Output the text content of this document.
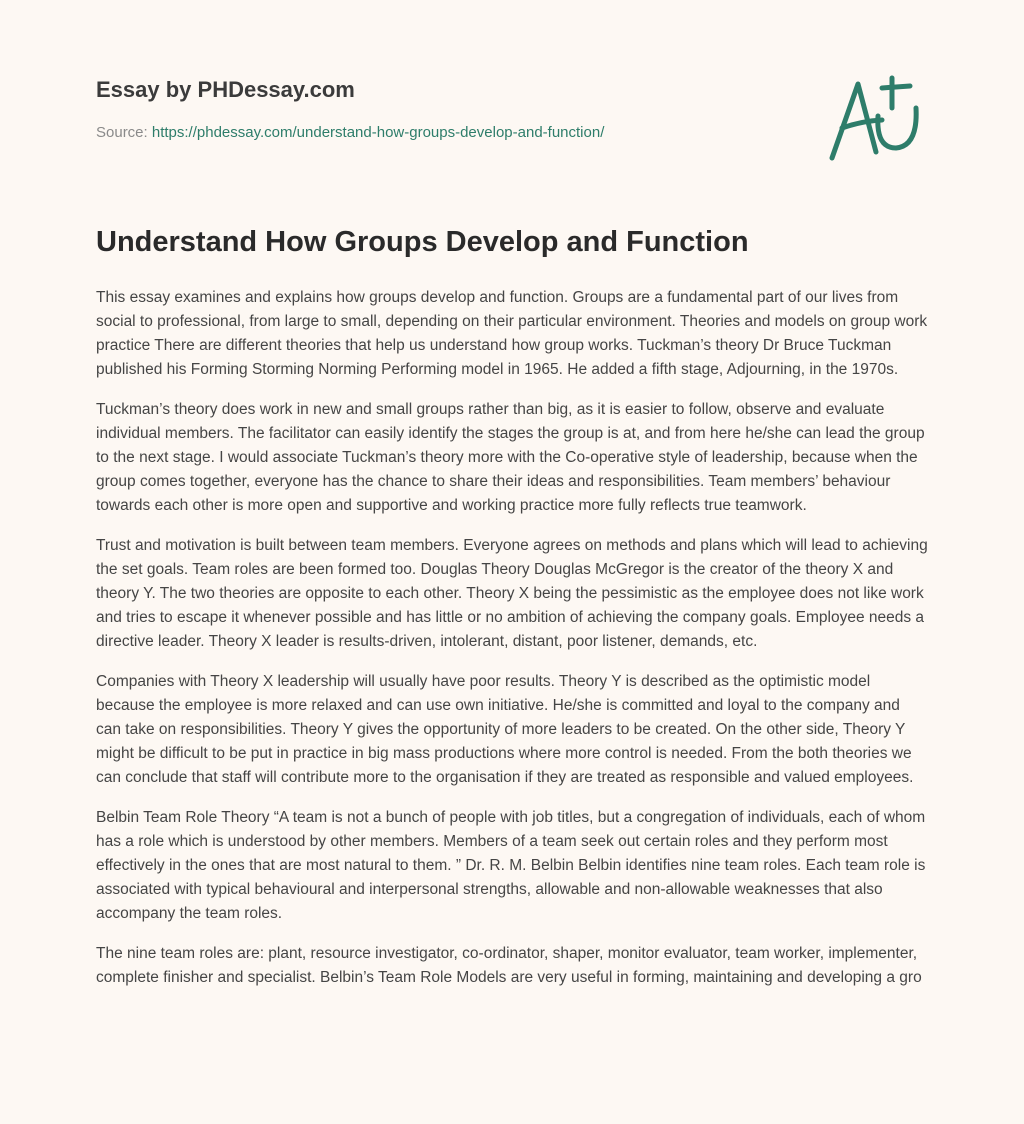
Essay by PHDessay.com
Source: https://phdessay.com/understand-how-groups-develop-and-function/
Understand How Groups Develop and Function

This essay examines and explains how groups develop and function. Groups are a fundamental part of our lives from social to professional, from large to small, depending on their particular environment. Theories and models on group work practice There are different theories that help us understand how group works. Tuckman’s theory Dr Bruce Tuckman published his Forming Storming Norming Performing model in 1965. He added a fifth stage, Adjourning, in the 1970s.

Tuckman’s theory does work in new and small groups rather than big, as it is easier to follow, observe and evaluate individual members. The facilitator can easily identify the stages the group is at, and from here he/she can lead the group to the next stage. I would associate Tuckman’s theory more with the Co-operative style of leadership, because when the group comes together, everyone has the chance to share their ideas and responsibilities. Team members’ behaviour towards each other is more open and supportive and working practice more fully reflects true teamwork.

Trust and motivation is built between team members. Everyone agrees on methods and plans which will lead to achieving the set goals. Team roles are been formed too. Douglas Theory Douglas McGregor is the creator of the theory X and theory Y. The two theories are opposite to each other. Theory X being the pessimistic as the employee does not like work and tries to escape it whenever possible and has little or no ambition of achieving the company goals. Employee needs a directive leader. Theory X leader is results-driven, intolerant, distant, poor listener, demands, etc.

Companies with Theory X leadership will usually have poor results. Theory Y is described as the optimistic model because the employee is more relaxed and can use own initiative. He/she is committed and loyal to the company and can take on responsibilities. Theory Y gives the opportunity of more leaders to be created. On the other side, Theory Y might be difficult to be put in practice in big mass productions where more control is needed. From the both theories we can conclude that staff will contribute more to the organisation if they are treated as responsible and valued employees.

Belbin Team Role Theory “A team is not a bunch of people with job titles, but a congregation of individuals, each of whom has a role which is understood by other members. Members of a team seek out certain roles and they perform most effectively in the ones that are most natural to them. ” Dr. R. M. Belbin Belbin identifies nine team roles. Each team role is associated with typical behavioural and interpersonal strengths, allowable and non-allowable weaknesses that also accompany the team roles.

The nine team roles are: plant, resource investigator, co-ordinator, shaper, monitor evaluator, team worker, implementer, complete finisher and specialist. Belbin’s Team Role Models are very useful in forming, maintaining and developing a gro
